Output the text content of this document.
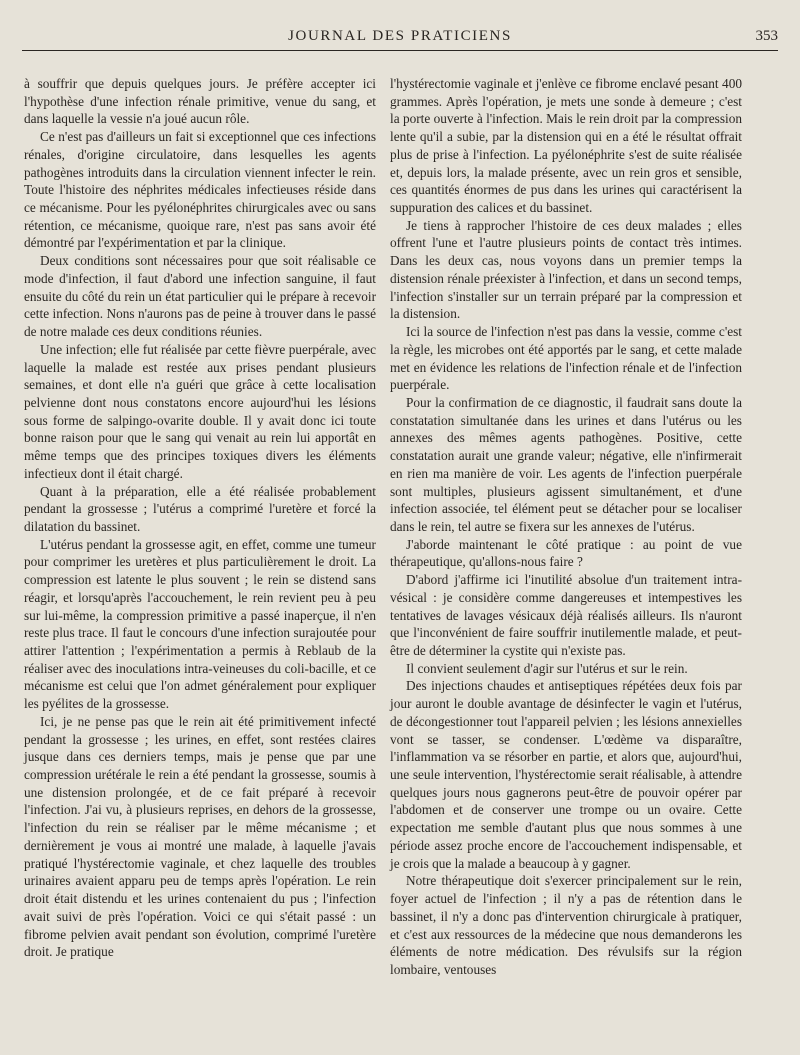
JOURNAL DES PRATICIENS	353

à souffrir que depuis quelques jours. Je préfère accepter ici l'hypothèse d'une infection rénale primitive, venue du sang, et dans laquelle la vessie n'a joué aucun rôle.

Ce n'est pas d'ailleurs un fait si exceptionnel que ces infections rénales, d'origine circulatoire, dans lesquelles les agents pathogènes introduits dans la circulation viennent infecter le rein. Toute l'histoire des néphrites médicales infectieuses réside dans ce mécanisme. Pour les pyélonéphrites chirurgicales avec ou sans rétention, ce mécanisme, quoique rare, n'est pas sans avoir été démontré par l'expérimentation et par la clinique.

Deux conditions sont nécessaires pour que soit réalisable ce mode d'infection, il faut d'abord une infection sanguine, il faut ensuite du côté du rein un état particulier qui le prépare à recevoir cette infection. Nons n'aurons pas de peine à trouver dans le passé de notre malade ces deux conditions réunies.

Une infection; elle fut réalisée par cette fièvre puerpérale, avec laquelle la malade est restée aux prises pendant plusieurs semaines, et dont elle n'a guéri que grâce à cette localisation pelvienne dont nous constatons encore aujourd'hui les lésions sous forme de salpingo-ovarite double. Il y avait donc ici toute bonne raison pour que le sang qui venait au rein lui apportât en même temps que des principes toxiques divers les éléments infectieux dont il était chargé.

Quant à la préparation, elle a été réalisée probablement pendant la grossesse ; l'utérus a comprimé l'uretère et forcé la dilatation du bassinet.

L'utérus pendant la grossesse agit, en effet, comme une tumeur pour comprimer les uretères et plus particulièrement le droit. La compression est latente le plus souvent ; le rein se distend sans réagir, et lorsqu'après l'accouchement, le rein revient peu à peu sur lui-même, la compression primitive a passé inaperçue, il n'en reste plus trace. Il faut le concours d'une infection surajoutée pour attirer l'attention ; l'expérimentation a permis à Reblaub de la réaliser avec des inoculations intra-veineuses du coli-bacille, et ce mécanisme est celui que l'on admet généralement pour expliquer les pyélites de la grossesse.

Ici, je ne pense pas que le rein ait été primitivement infecté pendant la grossesse ; les urines, en effet, sont restées claires jusque dans ces derniers temps, mais je pense que par une compression urétérale le rein a été pendant la grossesse, soumis à une distension prolongée, et de ce fait préparé à recevoir l'infection. J'ai vu, à plusieurs reprises, en dehors de la grossesse, l'infection du rein se réaliser par le même mécanisme ; et dernièrement je vous ai montré une malade, à laquelle j'avais pratiqué l'hystérectomie vaginale, et chez laquelle des troubles urinaires avaient apparu peu de temps après l'opération. Le rein droit était distendu et les urines contenaient du pus ; l'infection avait suivi de près l'opération. Voici ce qui s'était passé : un fibrome pelvien avait pendant son évolution, comprimé l'uretère droit. Je pratique

l'hystérectomie vaginale et j'enlève ce fibrome enclavé pesant 400 grammes. Après l'opération, je mets une sonde à demeure ; c'est la porte ouverte à l'infection. Mais le rein droit par la compression lente qu'il a subie, par la distension qui en a été le résultat offrait plus de prise à l'infection. La pyélonéphrite s'est de suite réalisée et, depuis lors, la malade présente, avec un rein gros et sensible, ces quantités énormes de pus dans les urines qui caractérisent la suppuration des calices et du bassinet.

Je tiens à rapprocher l'histoire de ces deux malades ; elles offrent l'une et l'autre plusieurs points de contact très intimes. Dans les deux cas, nous voyons dans un premier temps la distension rénale préexister à l'infection, et dans un second temps, l'infection s'installer sur un terrain préparé par la compression et la distension.

Ici la source de l'infection n'est pas dans la vessie, comme c'est la règle, les microbes ont été apportés par le sang, et cette malade met en évidence les relations de l'infection rénale et de l'infection puerpérale.

Pour la confirmation de ce diagnostic, il faudrait sans doute la constatation simultanée dans les urines et dans l'utérus ou les annexes des mêmes agents pathogènes. Positive, cette constatation aurait une grande valeur; négative, elle n'infirmerait en rien ma manière de voir. Les agents de l'infection puerpérale sont multiples, plusieurs agissent simultanément, et d'une infection associée, tel élément peut se détacher pour se localiser dans le rein, tel autre se fixera sur les annexes de l'utérus.

J'aborde maintenant le côté pratique : au point de vue thérapeutique, qu'allons-nous faire ?

D'abord j'affirme ici l'inutilité absolue d'un traitement intra-vésical : je considère comme dangereuses et intempestives les tentatives de lavages vésicaux déjà réalisés ailleurs. Ils n'auront que l'inconvénient de faire souffrir inutilementle malade, et peut-être de déterminer la cystite qui n'existe pas.

Il convient seulement d'agir sur l'utérus et sur le rein.

Des injections chaudes et antiseptiques répétées deux fois par jour auront le double avantage de désinfecter le vagin et l'utérus, de décongestionner tout l'appareil pelvien ; les lésions annexielles vont se tasser, se condenser. L'œdème va disparaître, l'inflammation va se résorber en partie, et alors que, aujourd'hui, une seule intervention, l'hystérectomie serait réalisable, à attendre quelques jours nous gagnerons peut-être de pouvoir opérer par l'abdomen et de conserver une trompe ou un ovaire. Cette expectation me semble d'autant plus que nous sommes à une période assez proche encore de l'accouchement indispensable, et je crois que la malade a beaucoup à y gagner.

Notre thérapeutique doit s'exercer principalement sur le rein, foyer actuel de l'infection ; il n'y a pas de rétention dans le bassinet, il n'y a donc pas d'intervention chirurgicale à pratiquer, et c'est aux ressources de la médecine que nous demanderons les éléments de notre médication. Des révulsifs sur la région lombaire, ventouses
